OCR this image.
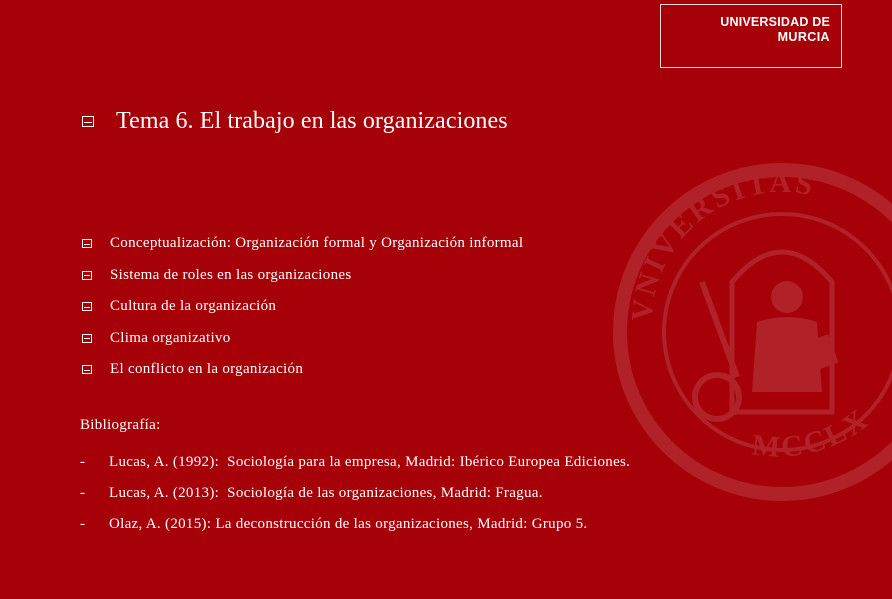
VNIVERSITAS
MCCLX
UNIVERSIDAD DE
MURCIA
Tema 6. El trabajo en las organizaciones
Conceptualización: Organización formal y Organización informal
Sistema de roles en las organizaciones
Cultura de la organización
Clima organizativo
El conflicto en la organización
Bibliografía:
-	Lucas, A. (1992):  Sociología para la empresa, Madrid: Ibérico Europea Ediciones.
-	Lucas, A. (2013):  Sociología de las organizaciones, Madrid: Fragua.
-	Olaz, A. (2015): La deconstrucción de las organizaciones, Madrid: Grupo 5.
